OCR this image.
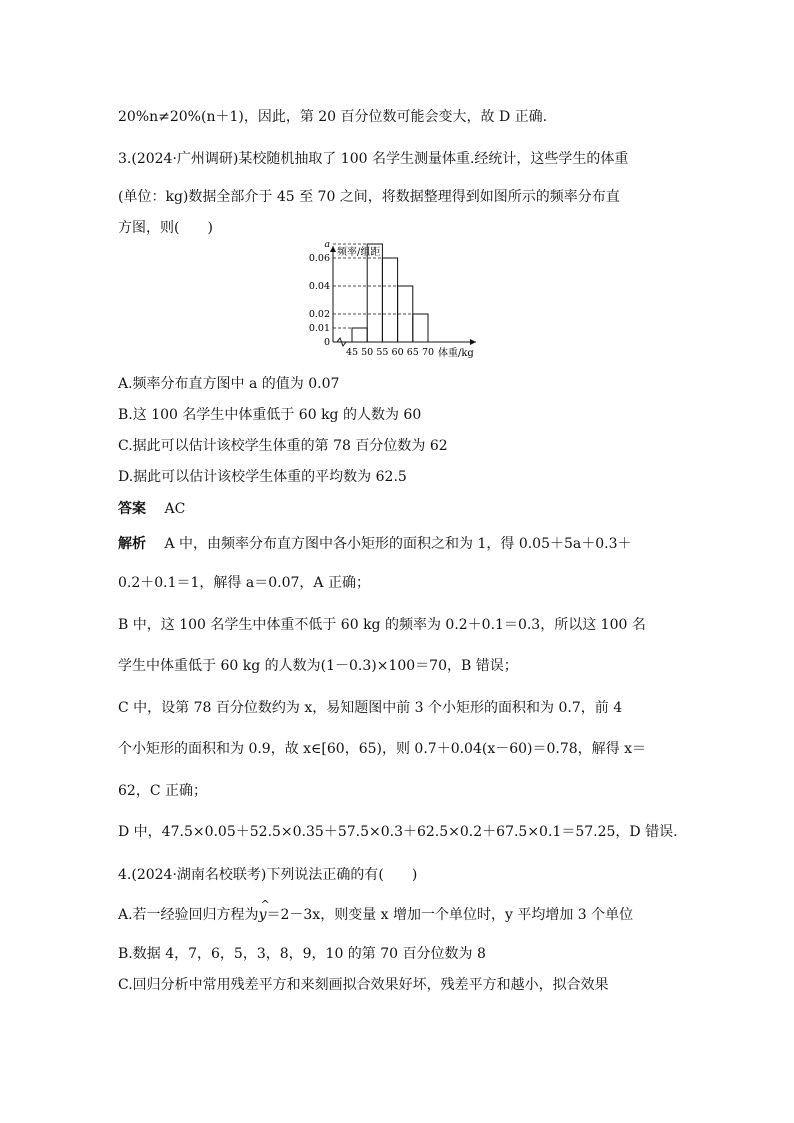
20%n≠20%(n＋1)，因此，第 20 百分位数可能会变大，故 D 正确.
3.(2024·广州调研)某校随机抽取了 100 名学生测量体重.经统计，这些学生的体重
(单位：kg)数据全部介于 45 至 70 之间，将数据整理得到如图所示的频率分布直
方图，则(　　)
0.01
0.02
0.04
0.06
a
0
45 50 55 60 65 70
频率/组距
体重/kg
A.频率分布直方图中 a 的值为 0.07
B.这 100 名学生中体重低于 60 kg 的人数为 60
C.据此可以估计该校学生体重的第 78 百分位数为 62
D.据此可以估计该校学生体重的平均数为 62.5
答案 AC
解析 A 中，由频率分布直方图中各小矩形的面积之和为 1，得 0.05＋5a＋0.3＋
0.2＋0.1＝1，解得 a＝0.07，A 正确；
B 中，这 100 名学生中体重不低于 60 kg 的频率为 0.2＋0.1＝0.3，所以这 100 名
学生中体重低于 60 kg 的人数为(1－0.3)×100＝70，B 错误；
C 中，设第 78 百分位数约为 x，易知题图中前 3 个小矩形的面积和为 0.7，前 4
个小矩形的面积和为 0.9，故 x∈[60，65)，则 0.7＋0.04(x－60)＝0.78，解得 x＝
62，C 正确；
D 中，47.5×0.05＋52.5×0.35＋57.5×0.3＋62.5×0.2＋67.5×0.1＝57.25，D 错误.
4.(2024·湖南名校联考)下列说法正确的有(　　)
A.若一经验回归方程为^ y＝2－3x，则变量 x 增加一个单位时，y 平均增加 3 个单位
B.数据 4，7，6，5，3，8，9，10 的第 70 百分位数为 8
C.回归分析中常用残差平方和来刻画拟合效果好坏，残差平方和越小，拟合效果
